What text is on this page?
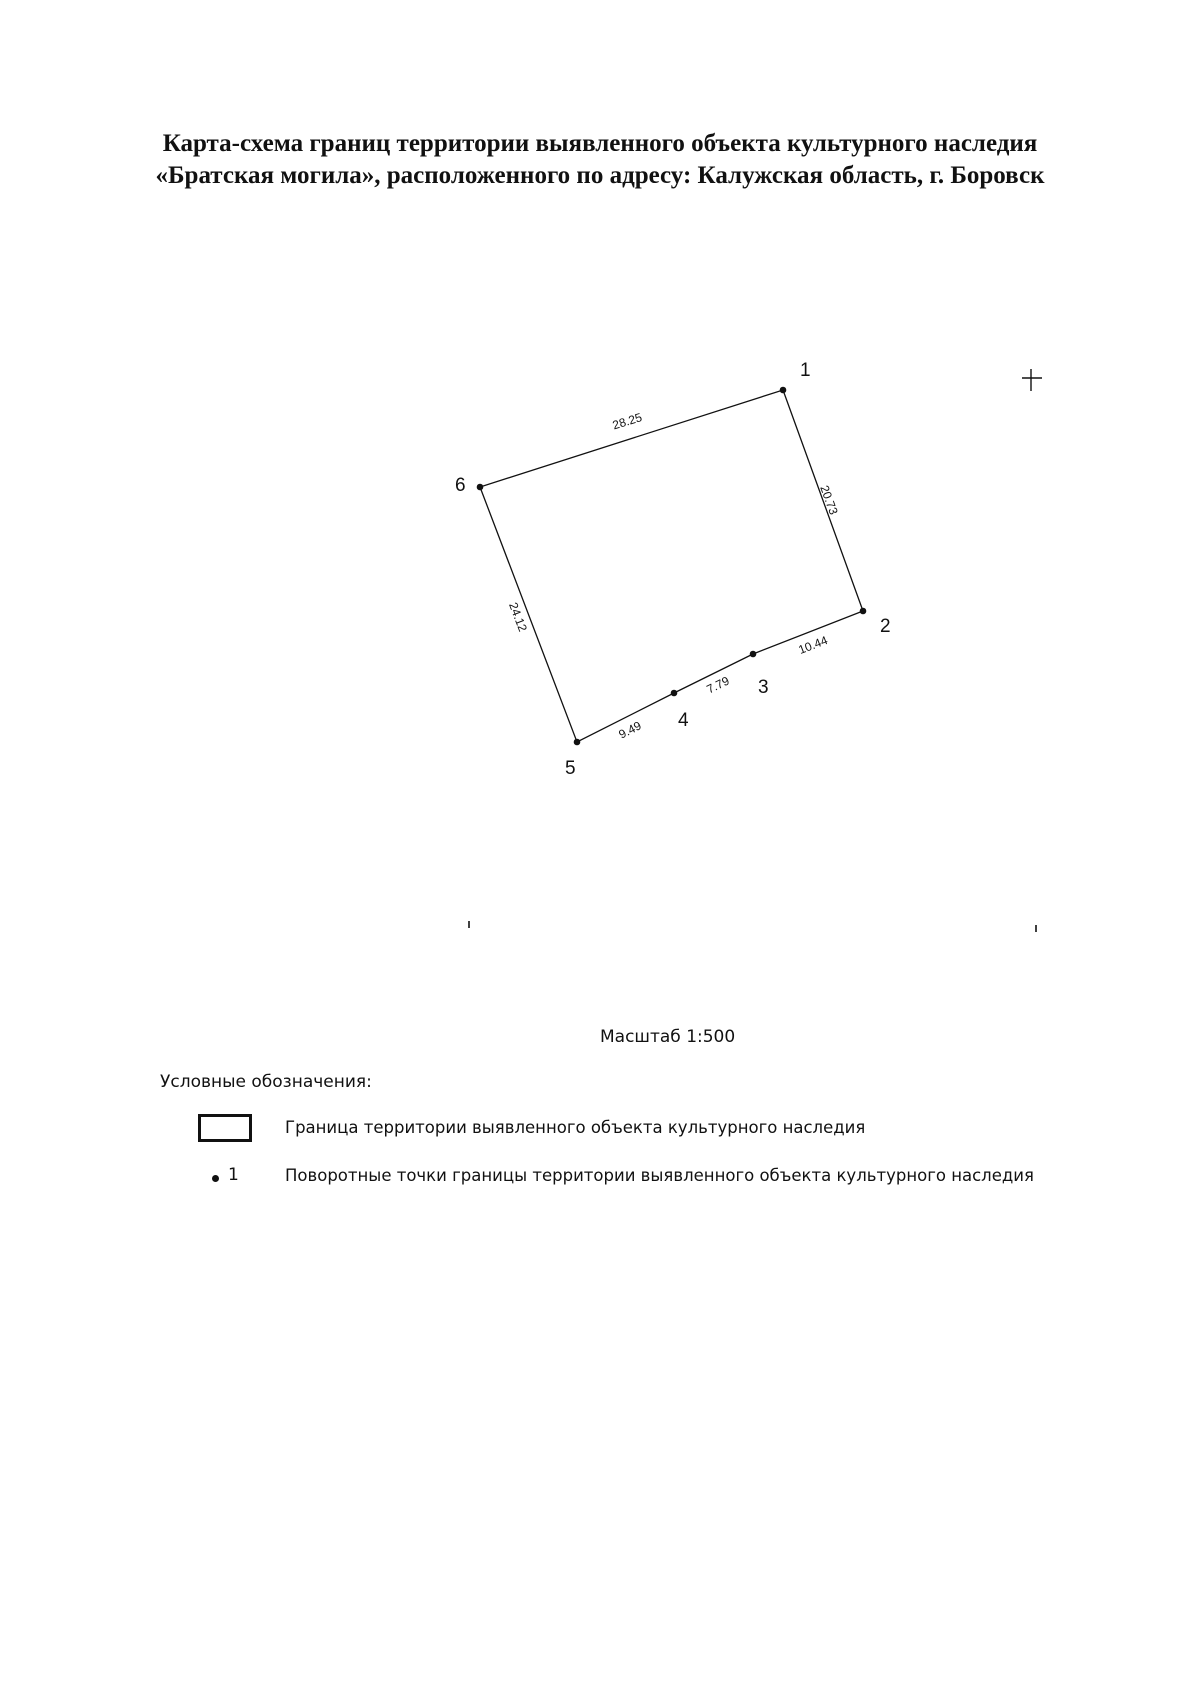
Карта-схема границ территории выявленного объекта культурного наследия
«Братская могила», расположенного по адресу: Калужская область, г. Боровск
1
2
3
4
5
6	20.73
10.44
7.79
9.49
24.12
28.25
Масштаб 1:500
Условные обозначения:
Граница территории выявленного объекта культурного наследия
1	Поворотные точки границы территории выявленного объекта культурного наследия
